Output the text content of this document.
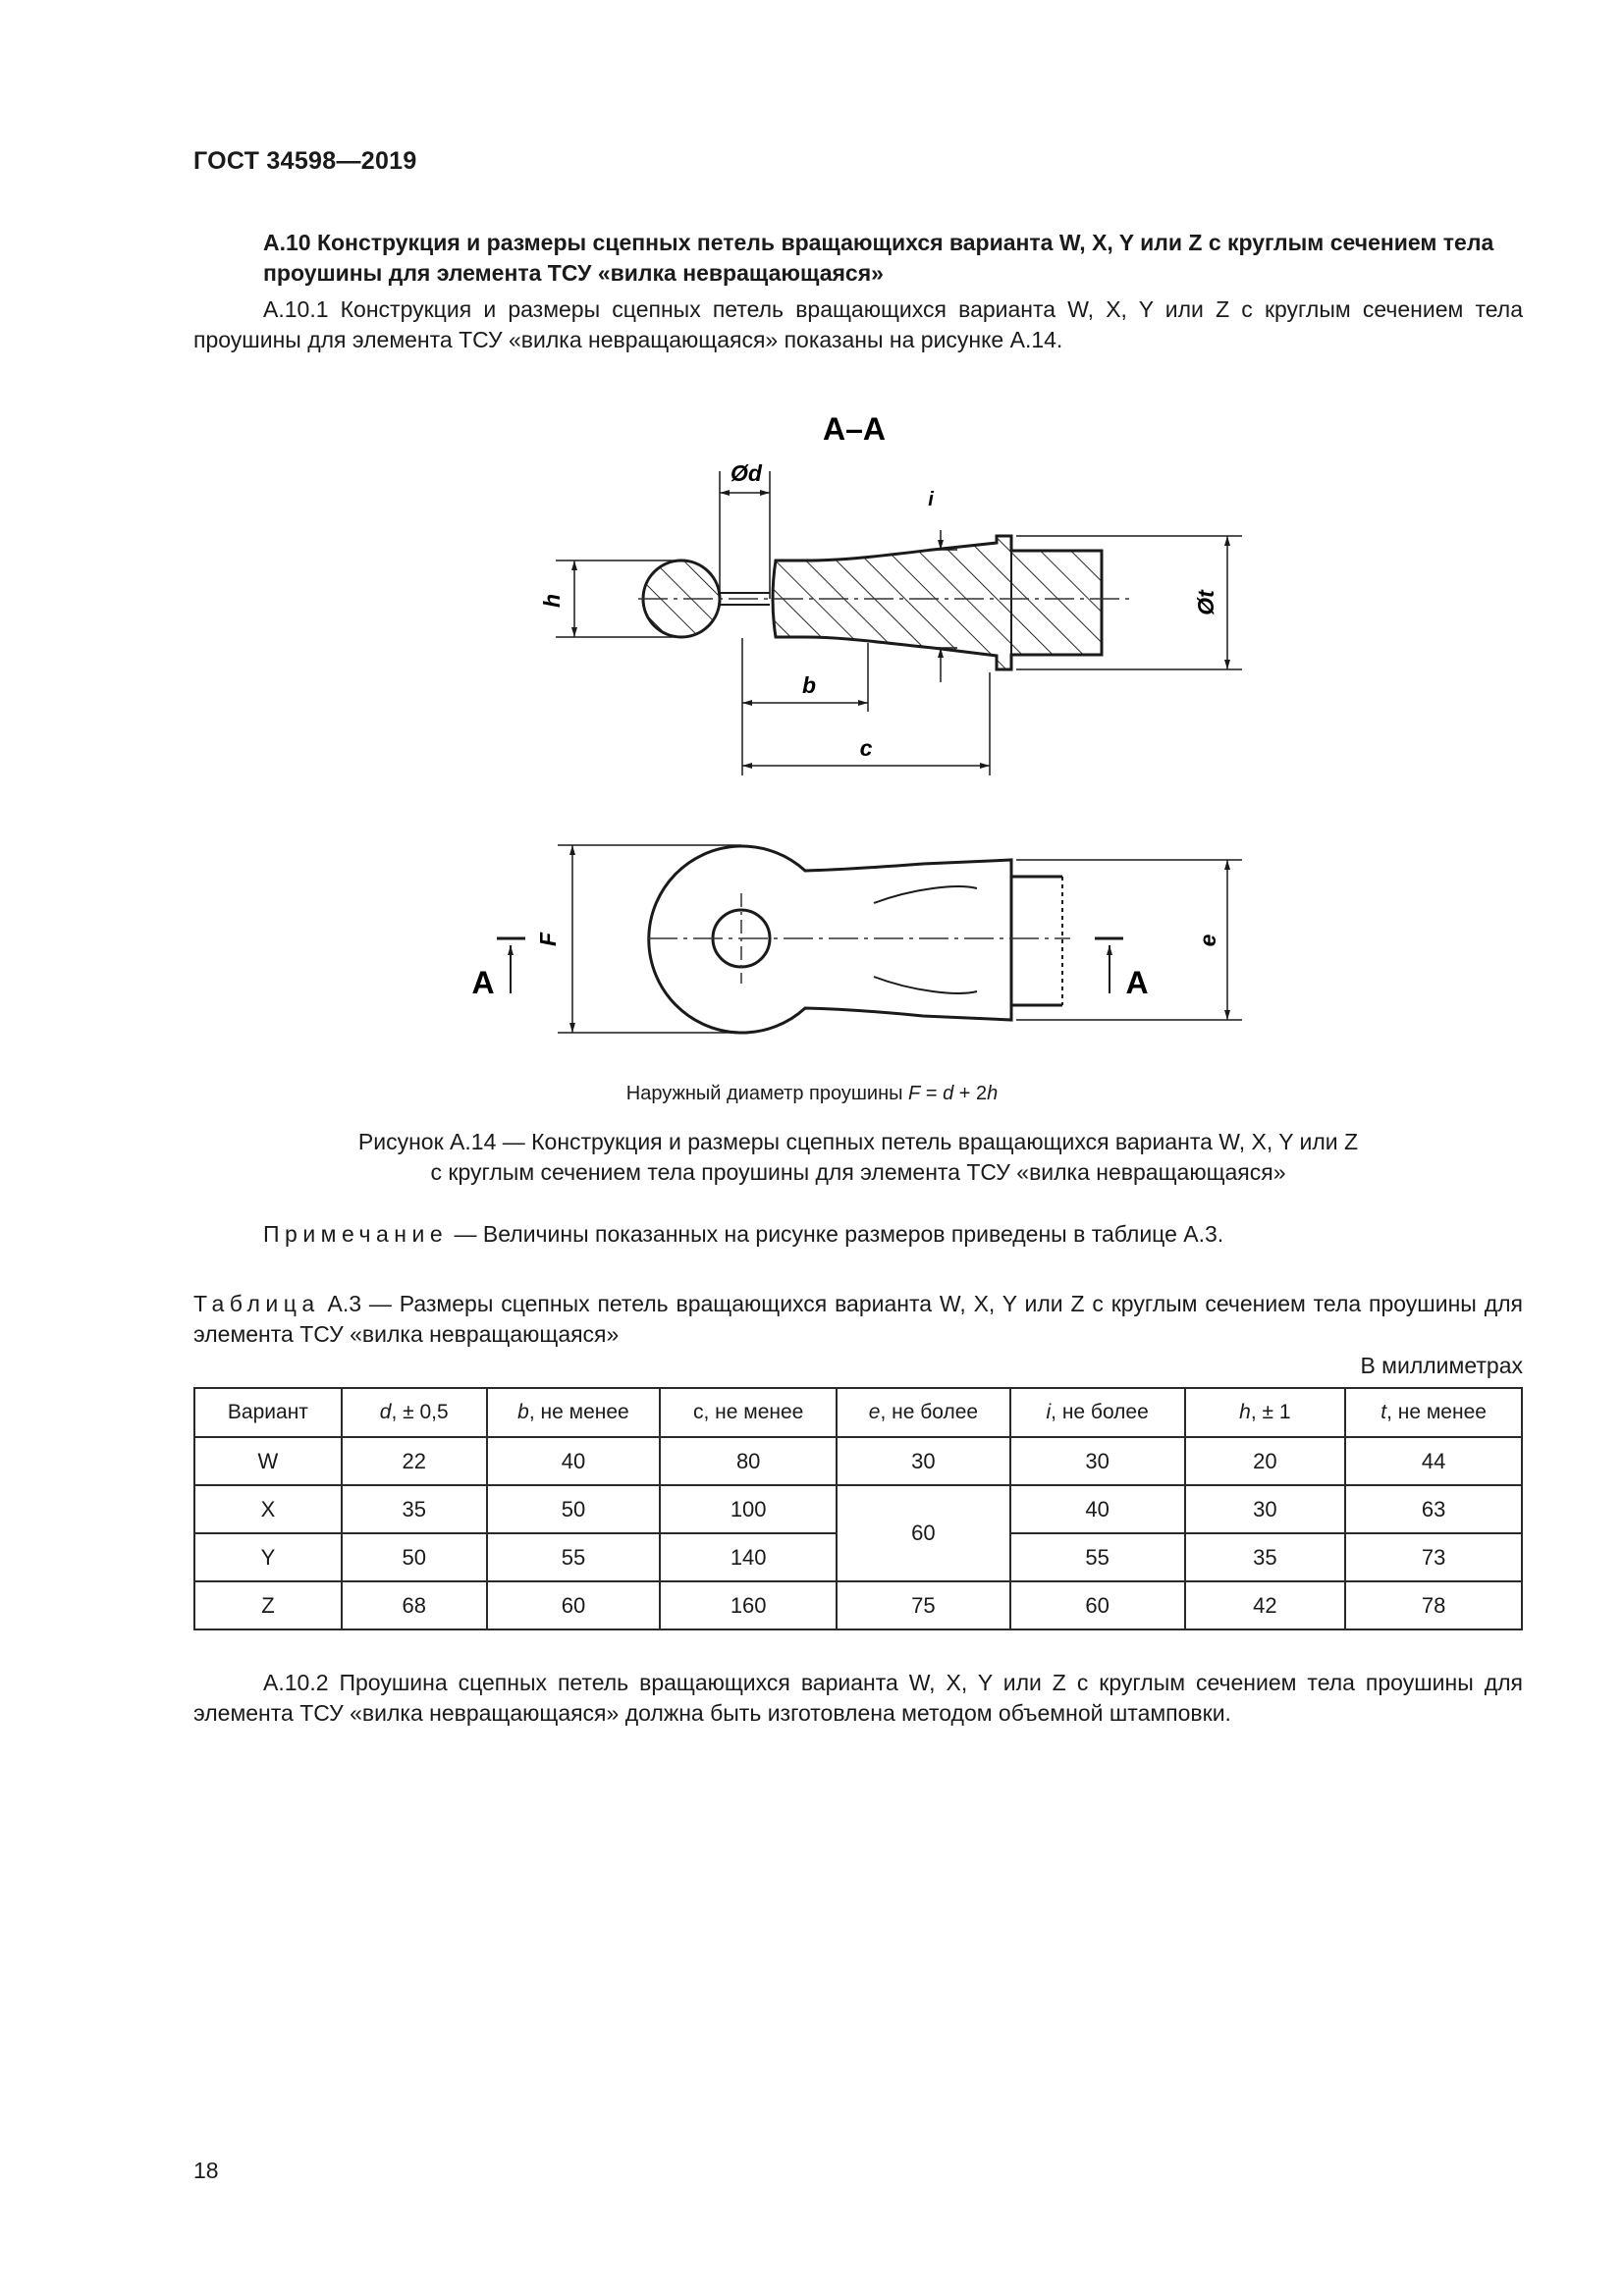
ГОСТ 34598—2019
А.10 Конструкция и размеры сцепных петель вращающихся варианта W, X, Y или Z с круглым сечением тела проушины для элемента ТСУ «вилка невращающаяся»
А.10.1 Конструкция и размеры сцепных петель вращающихся варианта W, X, Y или Z с круглым сечением тела проушины для элемента ТСУ «вилка невращающаяся» показаны на рисунке А.14.
А–А
Ød
i
h
b
c
Øt
F	e
А	А
Наружный диаметр проушины F = d + 2h
Рисунок А.14 — Конструкция и размеры сцепных петель вращающихся варианта W, X, Y или Z
с круглым сечением тела проушины для элемента ТСУ «вилка невращающаяся»
Примечание — Величины показанных на рисунке размеров приведены в таблице А.3.
Таблица А.3 — Размеры сцепных петель вращающихся варианта W, X, Y или Z с круглым сечением тела проушины для элемента ТСУ «вилка невращающаяся»
В миллиметрах
Вариант	d, ± 0,5	b, не менее	с, не менее	e, не более	i, не более	h, ± 1	t, не менее
W	22	40	80	30	30	20	44
X	35	50	100	60	40	30	63
Y	50	55	140		55	35	73
Z	68	60	160	75	60	42	78
А.10.2 Проушина сцепных петель вращающихся варианта W, X, Y или Z с круглым сечением тела проушины для элемента ТСУ «вилка невращающаяся» должна быть изготовлена методом объемной штамповки.
18
